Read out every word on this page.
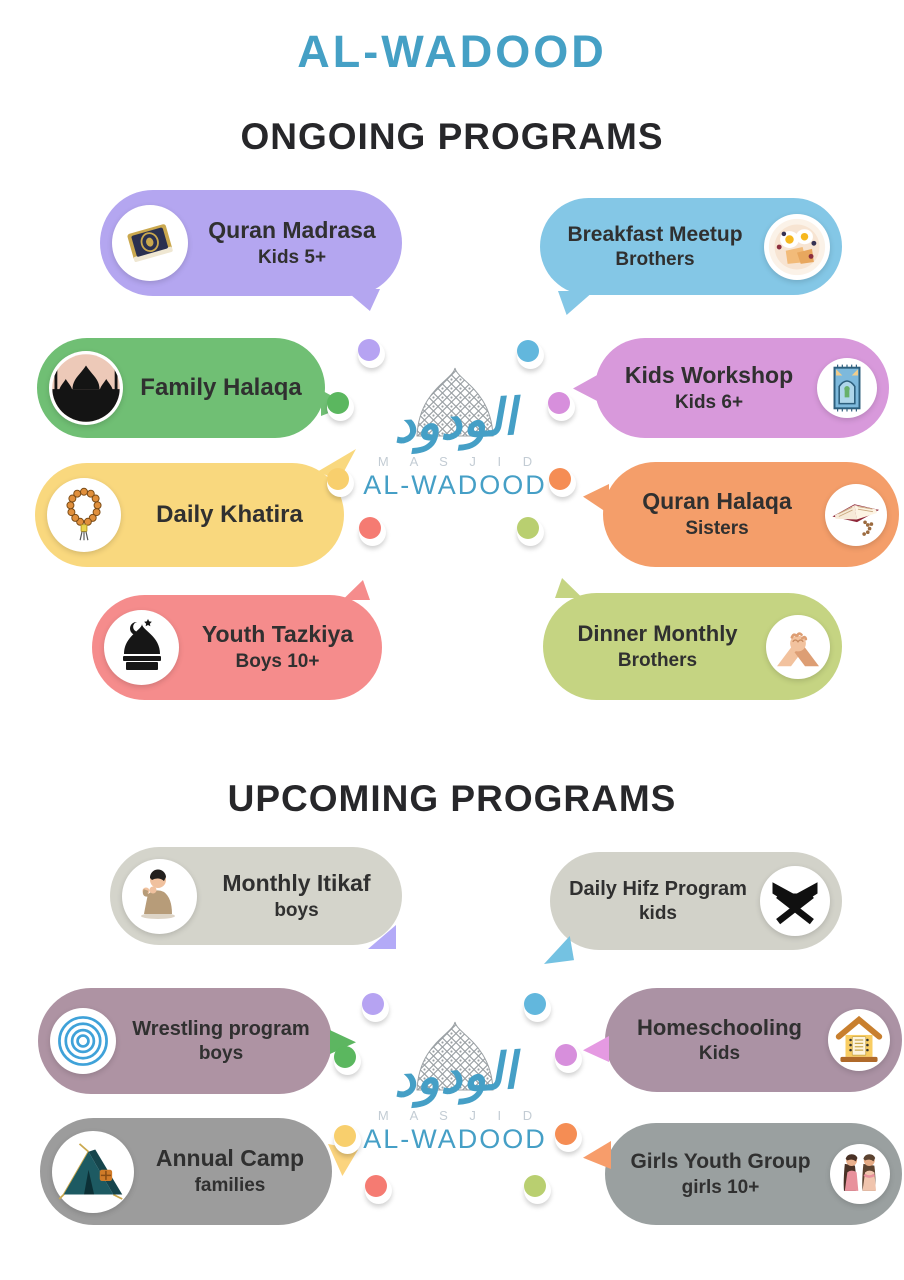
AL-WADOOD
ONGOING PROGRAMS
UPCOMING PROGRAMS
Quran Madrasa
Kids 5+
Breakfast Meetup
Brothers
Family Halaqa	Kids Workshop
Kids 6+
Daily Khatira	Quran Halaqa
Sisters
Youth Tazkiya
Boys 10+
Dinner Monthly
Brothers
Monthly Itikaf
boys
Daily Hifz Program
kids
Wrestling program
boys
Homeschooling
Kids
Annual Camp
families
Girls Youth Group
girls 10+
الودود
M A S J I D
AL-WADOOD
الودود
M A S J I D
AL-WADOOD
